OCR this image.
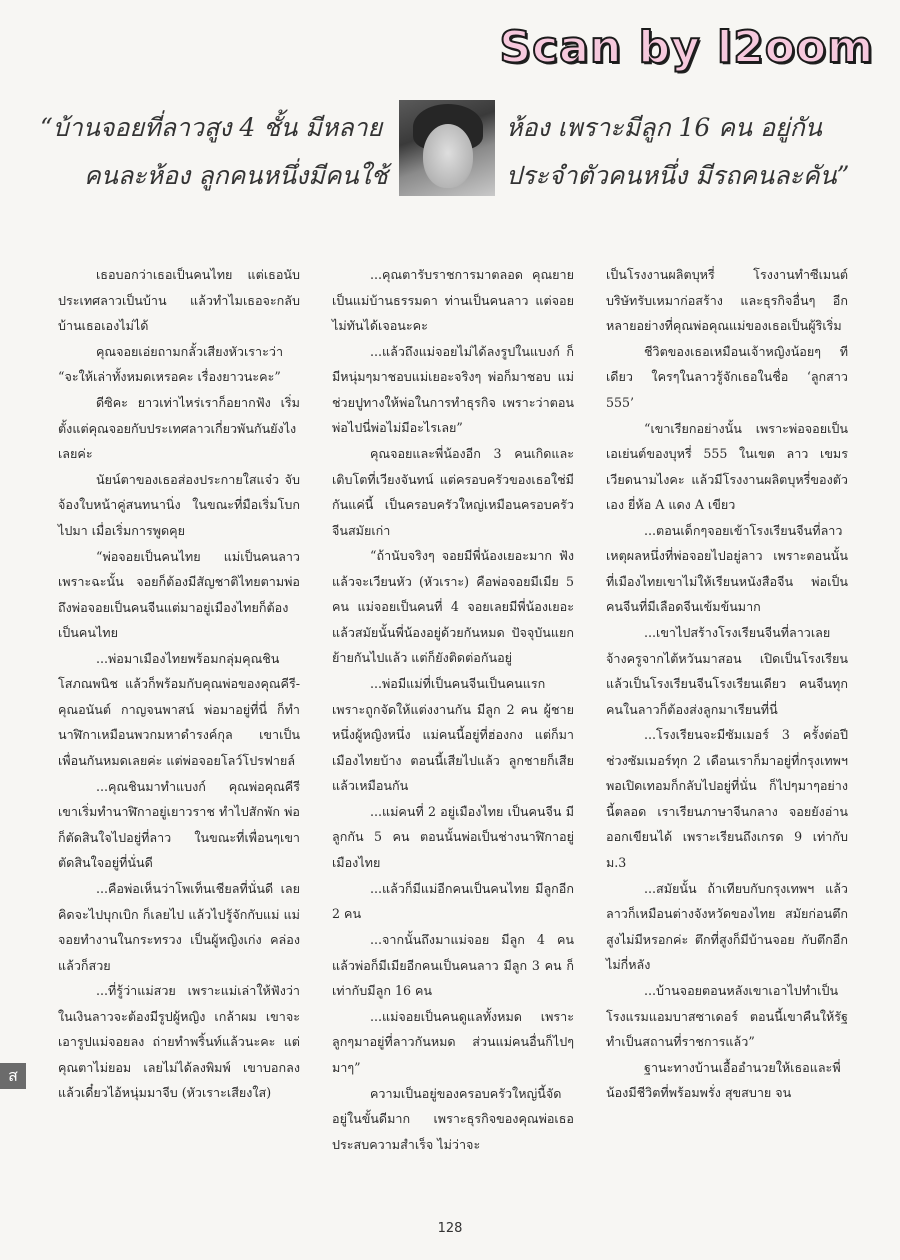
Scan by l2oom
“บ้านจอยที่ลาวสูง 4 ชั้น มีหลาย	ห้อง เพราะมีลูก 16 คน อยู่กัน
คนละห้อง ลูกคนหนึ่งมีคนใช้	ประจำตัวคนหนึ่ง มีรถคนละคัน”

เธอบอกว่าเธอเป็นคนไทย แต่เธอนับประเทศลาวเป็นบ้าน แล้วทำไมเธอจะกลับบ้านเธอเองไม่ได้

คุณจอยเอ่ยถามกลั้วเสียงหัวเราะว่า “จะให้เล่าทั้งหมดเหรอคะ เรื่องยาวนะคะ”

ดีซิคะ ยาวเท่าไหร่เราก็อยากฟัง เริ่มตั้งแต่คุณจอยกับประเทศลาวเกี่ยวพันกันยังไงเลยค่ะ

นัยน์ตาของเธอส่องประกายใสแจ๋ว จับจ้องใบหน้าคู่สนทนานิ่ง ในขณะที่มือเริ่มโบกไปมา เมื่อเริ่มการพูดคุย

“พ่อจอยเป็นคนไทย แม่เป็นคนลาว เพราะฉะนั้น จอยก็ต้องมีสัญชาติไทยตามพ่อ ถึงพ่อจอยเป็นคนจีนแต่มาอยู่เมืองไทยก็ต้องเป็นคนไทย

...พ่อมาเมืองไทยพร้อมกลุ่มคุณชิน โสภณพนิช แล้วก็พร้อมกับคุณพ่อของคุณคีรี-คุณอนันต์ กาญจนพาสน์ พ่อมาอยู่ที่นี่ ก็ทำนาฬิกาเหมือนพวกมหาดำรงค์กุล เขาเป็นเพื่อนกันหมดเลยค่ะ แต่พ่อจอยโลว์โปรฟายล์

...คุณชินมาทำแบงก์ คุณพ่อคุณคีรีเขาเริ่มทำนาฬิกาอยู่เยาวราช ทำไปสักพัก พ่อก็ตัดสินใจไปอยู่ที่ลาว ในขณะที่เพื่อนๆเขาตัดสินใจอยู่ที่นั่นดี

...คือพ่อเห็นว่าโพเท็นเชียลที่นั่นดี เลยคิดจะไปบุกเบิก ก็เลยไป แล้วไปรู้จักกับแม่ แม่จอยทำงานในกระทรวง เป็นผู้หญิงเก่ง คล่อง แล้วก็สวย

...ที่รู้ว่าแม่สวย เพราะแม่เล่าให้ฟังว่า ในเงินลาวจะต้องมีรูปผู้หญิง เกล้าผม เขาจะเอารูปแม่จอยลง ถ่ายทำพริ้นท์แล้วนะคะ แต่คุณตาไม่ยอม เลยไม่ได้ลงพิมพ์ เขาบอกลงแล้วเดี๋ยวไอ้หนุ่มมาจีบ (หัวเราะเสียงใส)

...คุณตารับราชการมาตลอด คุณยายเป็นแม่บ้านธรรมดา ท่านเป็นคนลาว แต่จอยไม่ทันได้เจอนะคะ

...แล้วถึงแม่จอยไม่ได้ลงรูปในแบงก์ ก็มีหนุ่มๆมาชอบแม่เยอะจริงๆ พ่อก็มาชอบ แม่ช่วยปูทางให้พ่อในการทำธุรกิจ เพราะว่าตอนพ่อไปนี่พ่อไม่มีอะไรเลย”

คุณจอยและพี่น้องอีก 3 คนเกิดและเติบโตที่เวียงจันทน์ แต่ครอบครัวของเธอใช่มีกันแค่นี้ เป็นครอบครัวใหญ่เหมือนครอบครัวจีนสมัยเก่า

“ถ้านับจริงๆ จอยมีพี่น้องเยอะมาก ฟังแล้วจะเวียนหัว (หัวเราะ) คือพ่อจอยมีเมีย 5 คน แม่จอยเป็นคนที่ 4 จอยเลยมีพี่น้องเยอะ แล้วสมัยนั้นพี่น้องอยู่ด้วยกันหมด ปัจจุบันแยกย้ายกันไปแล้ว แต่ก็ยังติดต่อกันอยู่

...พ่อมีแม่ที่เป็นคนจีนเป็นคนแรก เพราะถูกจัดให้แต่งงานกัน มีลูก 2 คน ผู้ชายหนึ่งผู้หญิงหนึ่ง แม่คนนี้อยู่ที่ฮ่องกง แต่ก็มาเมืองไทยบ้าง ตอนนี้เสียไปแล้ว ลูกชายก็เสียแล้วเหมือนกัน

...แม่คนที่ 2 อยู่เมืองไทย เป็นคนจีน มีลูกกัน 5 คน ตอนนั้นพ่อเป็นช่างนาฬิกาอยู่เมืองไทย

...แล้วก็มีแม่อีกคนเป็นคนไทย มีลูกอีก 2 คน

...จากนั้นถึงมาแม่จอย มีลูก 4 คน แล้วพ่อก็มีเมียอีกคนเป็นคนลาว มีลูก 3 คน ก็เท่ากับมีลูก 16 คน

...แม่จอยเป็นคนดูแลทั้งหมด เพราะลูกๆมาอยู่ที่ลาวกันหมด ส่วนแม่คนอื่นก็ไปๆมาๆ”

ความเป็นอยู่ของครอบครัวใหญ่นี้จัดอยู่ในขั้นดีมาก เพราะธุรกิจของคุณพ่อเธอประสบความสำเร็จ ไม่ว่าจะ

เป็นโรงงานผลิตบุหรี่ โรงงานทำซีเมนต์ บริษัทรับเหมาก่อสร้าง และธุรกิจอื่นๆ อีกหลายอย่างที่คุณพ่อคุณแม่ของเธอเป็นผู้ริเริ่ม

ชีวิตของเธอเหมือนเจ้าหญิงน้อยๆ ทีเดียว ใครๆในลาวรู้จักเธอในชื่อ ‘ลูกสาว 555’

“เขาเรียกอย่างนั้น เพราะพ่อจอยเป็นเอเย่นต์ของบุหรี่ 555 ในเขต ลาว เขมร เวียดนามไงคะ แล้วมีโรงงานผลิตบุหรี่ของตัวเอง ยี่ห้อ A แดง A เขียว

...ตอนเด็กๆจอยเข้าโรงเรียนจีนที่ลาว เหตุผลหนึ่งที่พ่อจอยไปอยู่ลาว เพราะตอนนั้นที่เมืองไทยเขาไม่ให้เรียนหนังสือจีน พ่อเป็นคนจีนที่มีเลือดจีนเข้มข้นมาก

...เขาไปสร้างโรงเรียนจีนที่ลาวเลย จ้างครูจากไต้หวันมาสอน เปิดเป็นโรงเรียน แล้วเป็นโรงเรียนจีนโรงเรียนเดียว คนจีนทุกคนในลาวก็ต้องส่งลูกมาเรียนที่นี่

...โรงเรียนจะมีซัมเมอร์ 3 ครั้งต่อปี ช่วงซัมเมอร์ทุก 2 เดือนเราก็มาอยู่ที่กรุงเทพฯ พอเปิดเทอมก็กลับไปอยู่ที่นั่น ก็ไปๆมาๆอย่างนี้ตลอด เราเรียนภาษาจีนกลาง จอยยังอ่านออกเขียนได้ เพราะเรียนถึงเกรด 9 เท่ากับ ม.3

...สมัยนั้น ถ้าเทียบกับกรุงเทพฯ แล้ว ลาวก็เหมือนต่างจังหวัดของไทย สมัยก่อนตึกสูงไม่มีหรอกค่ะ ตึกที่สูงก็มีบ้านจอย กับตึกอีกไม่กี่หลัง

...บ้านจอยตอนหลังเขาเอาไปทำเป็นโรงแรมแอมบาสซาเดอร์ ตอนนี้เขาคืนให้รัฐ ทำเป็นสถานที่ราชการแล้ว”

ฐานะทางบ้านเอื้ออำนวยให้เธอและพี่น้องมีชีวิตที่พร้อมพรั่ง สุขสบาย จน

ส
128
